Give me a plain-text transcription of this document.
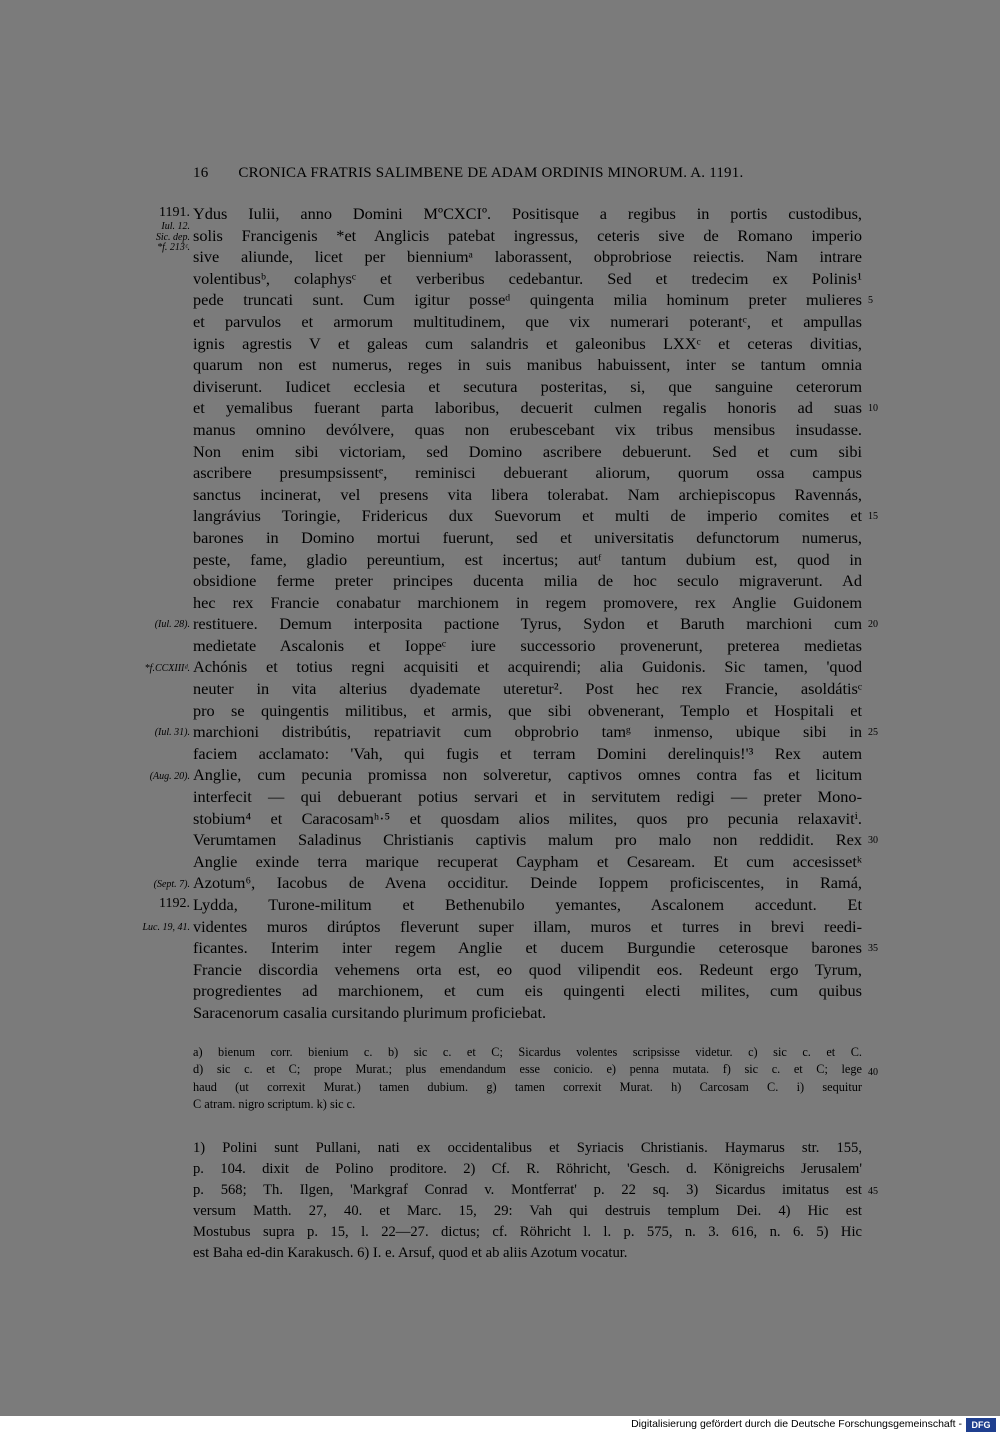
16 CRONICA FRATRIS SALIMBENE DE ADAM ORDINIS MINORUM. A. 1191.
Ydus Iulii, anno Domini MºCXCIº. Positisque a regibus in portis custodibus,
solis Francigenis *et Anglicis patebat ingressus, ceteris sive de Romano imperio
sive aliunde, licet per bienniumᵃ laborassent, obprobriose reiectis. Nam intrare
volentibusᵇ, colaphysᶜ et verberibus cedebantur. Sed et tredecim ex Polinis¹
pede truncati sunt. Cum igitur posseᵈ quingenta milia hominum preter mulieres
et parvulos et armorum multitudinem, que vix numerari poterantᶜ, et ampullas
ignis agrestis V et galeas cum salandris et galeonibus LXXᶜ et ceteras divitias,
quarum non est numerus, reges in suis manibus habuissent, inter se tantum omnia
diviserunt. Iudicet ecclesia et secutura posteritas, si, que sanguine ceterorum
et yemalibus fuerant parta laboribus, decuerit culmen regalis honoris ad suas
manus omnino devólvere, quas non erubescebant vix tribus mensibus insudasse.
Non enim sibi victoriam, sed Domino ascribere debuerunt. Sed et cum sibi
ascribere presumpsissentᵉ, reminisci debuerant aliorum, quorum ossa campus
sanctus incinerat, vel presens vita libera tolerabat. Nam archiepiscopus Ravennás,
langrávius Toringie, Fridericus dux Suevorum et multi de imperio comites et
barones in Domino mortui fuerunt, sed et universitatis defunctorum numerus,
peste, fame, gladio pereuntium, est incertus; autᶠ tantum dubium est, quod in
obsidione ferme preter principes ducenta milia de hoc seculo migraverunt. Ad
hec rex Francie conabatur marchionem in regem promovere, rex Anglie Guidonem
restituere. Demum interposita pactione Tyrus, Sydon et Baruth marchioni cum
medietate Ascalonis et Ioppeᶜ iure successorio provenerunt, preterea medietas
Achónis et totius regni acquisiti et acquirendi; alia Guidonis. Sic tamen, 'quod
neuter in vita alterius dyademate uteretur². Post hec rex Francie, asoldátisᶜ
pro se quingentis militibus, et armis, que sibi obvenerant, Templo et Hospitali et
marchioni distribútis, repatriavit cum obprobrio tamᵍ inmenso, ubique sibi in
faciem acclamato: 'Vah, qui fugis et terram Domini derelinquis!'³ Rex autem
Anglie, cum pecunia promissa non solveretur, captivos omnes contra fas et licitum
interfecit — qui debuerant potius servari et in servitutem redigi — preter Mono-
stobium⁴ et Caracosamʰ·⁵ et quosdam alios milites, quos pro pecunia relaxavitⁱ.
Verumtamen Saladinus Christianis captivis malum pro malo non reddidit. Rex
Anglie exinde terra marique recuperat Caypham et Cesaream. Et cum accesissetᵏ
Azotum⁶, Iacobus de Avena occiditur. Deinde Ioppem proficiscentes, in Ramá,
Lydda, Turone-militum et Bethenubilo yemantes, Ascalonem accedunt. Et
videntes muros dirúptos fleverunt super illam, muros et turres in brevi reedi-
ficantes. Interim inter regem Anglie et ducem Burgundie ceterosque barones
Francie discordia vehemens orta est, eo quod vilipendit eos. Redeunt ergo Tyrum,
progredientes ad marchionem, et cum eis quingenti electi milites, cum quibus
Saracenorum casalia cursitando plurimum proficiebat.
1191.
Iul. 12.
Sic. dep.
*f. 213ᶜ.
(Iul. 28).
*f.CCXIIIᵈ.
(Iul. 31).
(Aug. 20).
(Sept. 7).
1192.
Luc. 19, 41.
5
10
15
20
25
30
35
40
45
a) bienum corr. bienium c. b) sic c. et C; Sicardus volentes scripsisse videtur. c) sic c. et C.
d) sic c. et C; prope Murat.; plus emendandum esse conicio. e) penna mutata. f) sic c. et C; lege
haud (ut correxit Murat.) tamen dubium. g) tamen correxit Murat. h) Carcosam C. i) sequitur
C atram. nigro scriptum. k) sic c.
1) Polini sunt Pullani, nati ex occidentalibus et Syriacis Christianis. Haymarus str. 155,
p. 104. dixit de Polino proditore. 2) Cf. R. Röhricht, 'Gesch. d. Königreichs Jerusalem'
p. 568; Th. Ilgen, 'Markgraf Conrad v. Montferrat' p. 22 sq. 3) Sicardus imitatus est
versum Matth. 27, 40. et Marc. 15, 29: Vah qui destruis templum Dei. 4) Hic est
Mostubus supra p. 15, l. 22—27. dictus; cf. Röhricht l. l. p. 575, n. 3. 616, n. 6. 5) Hic
est Baha ed-din Karakusch. 6) I. e. Arsuf, quod et ab aliis Azotum vocatur.
Digitalisierung gefördert durch die Deutsche Forschungsgemeinschaft -	DFG
